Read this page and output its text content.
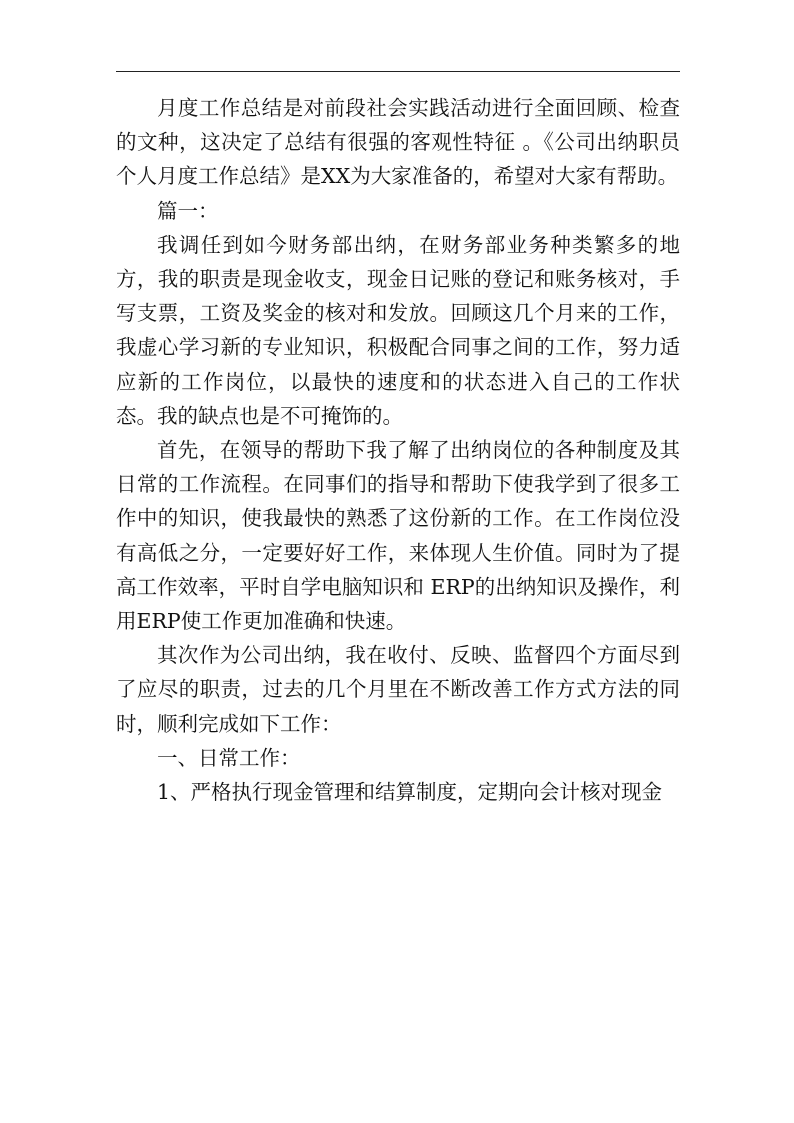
月度工作总结是对前段社会实践活动进行全面回顾、检查的文种，这决定了总结有很强的客观性特征 。《公司出纳职员个人月度工作总结》是XX为大家准备的，希望对大家有帮助。

篇一：

我调任到如今财务部出纳，在财务部业务种类繁多的地方，我的职责是现金收支，现金日记账的登记和账务核对，手写支票，工资及奖金的核对和发放。回顾这几个月来的工作，我虚心学习新的专业知识，积极配合同事之间的工作，努力适应新的工作岗位，以最快的速度和的状态进入自己的工作状态。我的缺点也是不可掩饰的。

首先，在领导的帮助下我了解了出纳岗位的各种制度及其日常的工作流程。在同事们的指导和帮助下使我学到了很多工作中的知识，使我最快的熟悉了这份新的工作。在工作岗位没有高低之分，一定要好好工作，来体现人生价值。同时为了提高工作效率，平时自学电脑知识和 ERP的出纳知识及操作，利用ERP使工作更加准确和快速。

其次作为公司出纳，我在收付、反映、监督四个方面尽到了应尽的职责，过去的几个月里在不断改善工作方式方法的同时，顺利完成如下工作：

一、日常工作：

1、严格执行现金管理和结算制度，定期向会计核对现金
